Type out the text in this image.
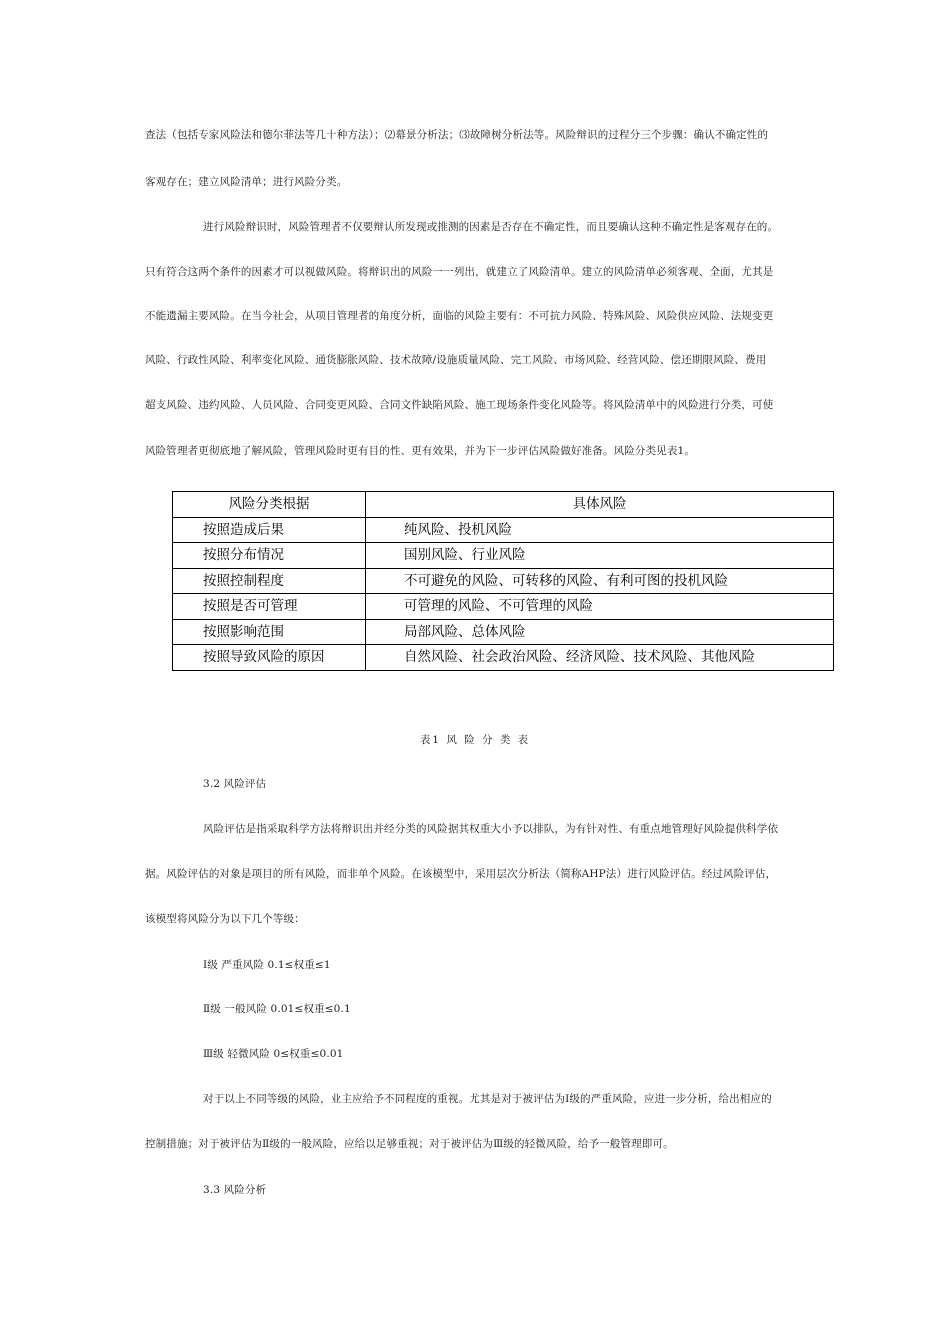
查法（包括专家风险法和德尔菲法等几十种方法）；⑵幕景分析法；⑶故障树分析法等。风险辩识的过程分三个步骤：确认不确定性的
客观存在；建立风险清单；进行风险分类。
进行风险辩识时，风险管理者不仅要辩认所发现或推测的因素是否存在不确定性，而且要确认这种不确定性是客观存在的。
只有符合这两个条件的因素才可以视做风险。将辩识出的风险一一列出，就建立了风险清单。建立的风险清单必须客观、全面，尤其是
不能遗漏主要风险。在当今社会，从项目管理者的角度分析，面临的风险主要有：不可抗力风险、特殊风险、风险供应风险、法规变更
风险、行政性风险、利率变化风险、通货膨胀风险、技术故障/设施质量风险、完工风险、市场风险、经营风险、偿还期限风险、费用
超支风险、违约风险、人员风险、合同变更风险、合同文件缺陷风险、施工现场条件变化风险等。将风险清单中的风险进行分类，可使
风险管理者更彻底地了解风险，管理风险时更有目的性、更有效果，并为下一步评估风险做好准备。风险分类见表1。
风险分类根据	具体风险
按照造成后果	纯风险、投机风险
按照分布情况	国别风险、行业风险
按照控制程度	不可避免的风险、可转移的风险、有利可图的投机风险
按照是否可管理	可管理的风险、不可管理的风险
按照影响范围	局部风险、总体风险
按照导致风险的原因	自然风险、社会政治风险、经济风险、技术风险、其他风险
表1 风 险 分 类 表
3.2 风险评估
风险评估是指采取科学方法将辩识出并经分类的风险据其权重大小予以排队，为有针对性、有重点地管理好风险提供科学依
据。风险评估的对象是项目的所有风险，而非单个风险。在该模型中，采用层次分析法（简称AHP法）进行风险评估。经过风险评估，
该模型将风险分为以下几个等级：
Ⅰ级 严重风险 0.1≤权重≤1
Ⅱ级 一般风险 0.01≤权重≤0.1
Ⅲ级 轻微风险 0≤权重≤0.01
对于以上不同等级的风险，业主应给予不同程度的重视。尤其是对于被评估为Ⅰ级的严重风险，应进一步分析，给出相应的
控制措施；对于被评估为Ⅱ级的一般风险，应给以足够重视；对于被评估为Ⅲ级的轻微风险，给予一般管理即可。
3.3 风险分析
